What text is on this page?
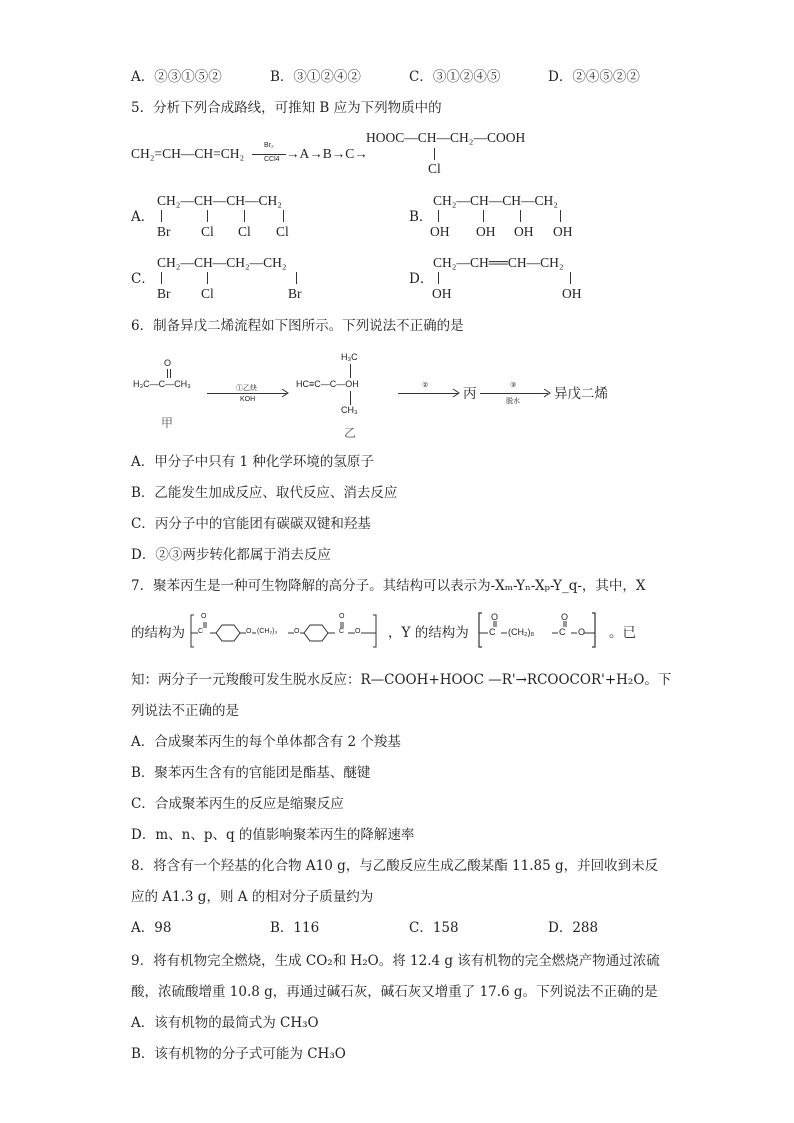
A．②③①⑤②	B．③①②④②	C．③①②④⑤	D．②④⑤②②
5．分析下列合成路线，可推知 B 应为下列物质中的
HOOC—CH—CH₂—COOH
Cl
CH₂=CH—CH=CH₂
Br₂
CCl4 →A→B→C→
A．
CH₂—CH—CH—CH₂
Br Cl Cl Cl
B．
CH₂—CH—CH—CH₂
OH OH OH OH
C．
CH₂—CH—CH₂—CH₂
Br Cl	Br
D．
CH₂—CH══CH—CH₂
OH	OH
6．制备异戊二烯流程如下图所示。下列说法不正确的是
O
H₃C—C—CH₃
甲
①乙炔
KOH
H₃C
HC≡C—C—OH
CH₃
乙
②
丙
③
脱水	异戊二烯
A．甲分子中只有 1 种化学环境的氢原子
B．乙能发生加成反应、取代反应、消去反应
C．丙分子中的官能团有碳碳双键和羟基
D．②③两步转化都属于消去反应
7．聚苯丙生是一种可生物降解的高分子。其结构可以表示为-Xₘ-Yₙ-Xₚ-Y_q-，其中，X
的结构为
O	O
C	O (CH₂)₃ O	C O ，Y 的结构为
O	O
C (CH₂)₈	C O 。已
知：两分子一元羧酸可发生脱水反应：R—COOH+HOOC —R'→RCOOCOR'+H₂O。下
列说法不正确的是
A．合成聚苯丙生的每个单体都含有 2 个羧基
B．聚苯丙生含有的官能团是酯基、醚键
C．合成聚苯丙生的反应是缩聚反应
D．m、n、p、q 的值影响聚苯丙生的降解速率
8．将含有一个羟基的化合物 A10 g，与乙酸反应生成乙酸某酯 11.85 g，并回收到未反
应的 A1.3 g，则 A 的相对分子质量约为
A．98	B．116	C．158	D．288
9．将有机物完全燃烧，生成 CO₂和 H₂O。将 12.4 g 该有机物的完全燃烧产物通过浓硫
酸，浓硫酸增重 10.8 g，再通过碱石灰，碱石灰又增重了 17.6 g。下列说法不正确的是
A．该有机物的最简式为 CH₃O
B．该有机物的分子式可能为 CH₃O
